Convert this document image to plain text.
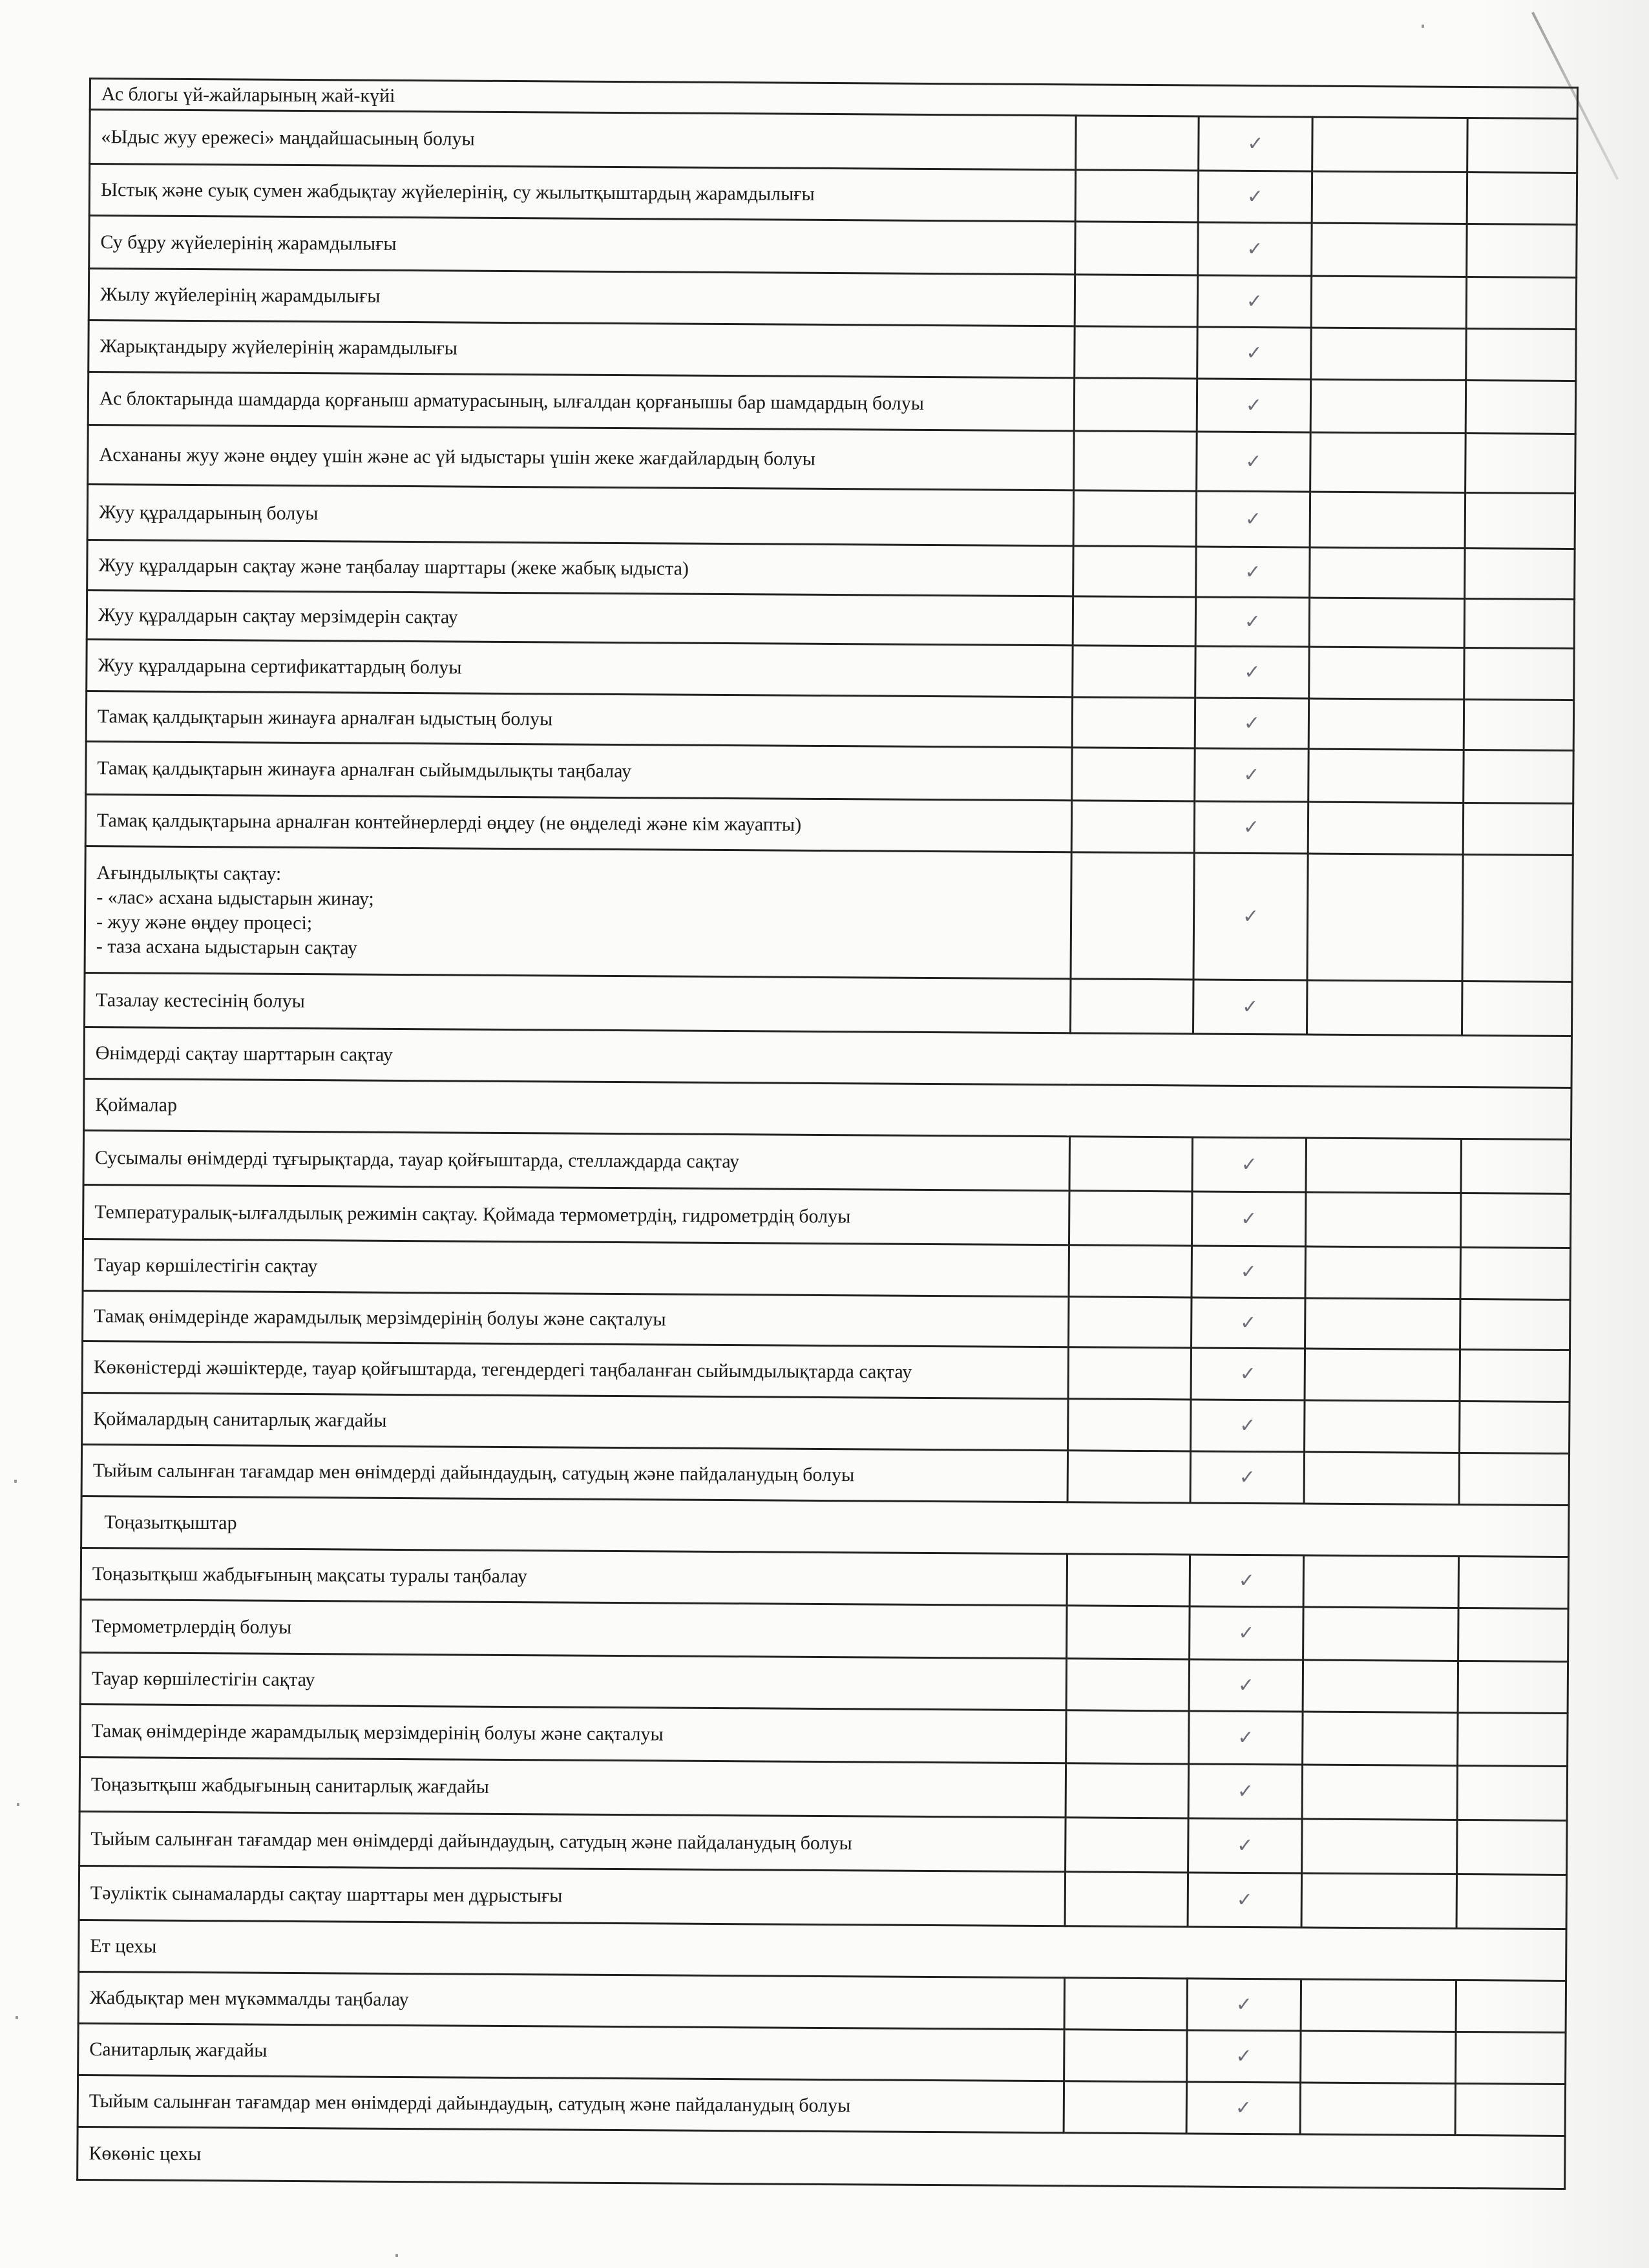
Ас блогы үй-жайларының жай-күйі				
«Ыдыс жуу ережесі» маңдайшасының болуы		✓		
Ыстық және суық сумен жабдықтау жүйелерінің, су жылытқыштардың жарамдылығы		✓		
Су бұру жүйелерінің жарамдылығы		✓		
Жылу жүйелерінің жарамдылығы		✓		
Жарықтандыру жүйелерінің жарамдылығы		✓		
Ас блоктарында шамдарда қорғаныш арматурасының, ылғалдан қорғанышы бар шамдардың болуы		✓		
Асхананы жуу және өңдеу үшін және ас үй ыдыстары үшін жеке жағдайлардың болуы		✓		
Жуу құралдарының болуы		✓		
Жуу құралдарын сақтау және таңбалау шарттары (жеке жабық ыдыста)		✓		
Жуу құралдарын сақтау мерзімдерін сақтау		✓		
Жуу құралдарына сертификаттардың болуы		✓		
Тамақ қалдықтарын жинауға арналған ыдыстың болуы		✓		
Тамақ қалдықтарын жинауға арналған сыйымдылықты таңбалау		✓		
Тамақ қалдықтарына арналған контейнерлерді өңдеу (не өңделеді және кім жауапты)		✓		
Ағындылықты сақтау:
- «лас» асхана ыдыстарын жинау;
- жуу және өңдеу процесі;
- таза асхана ыдыстарын сақтау		✓		
Тазалау кестесінің болуы		✓		
Өнімдерді сақтау шарттарын сақтау				
Қоймалар				
Сусымалы өнімдерді тұғырықтарда, тауар қойғыштарда, стеллаждарда сақтау		✓		
Температуралық-ылғалдылық режимін сақтау. Қоймада термометрдің, гидрометрдің болуы		✓		
Тауар көршілестігін сақтау		✓		
Тамақ өнімдерінде жарамдылық мерзімдерінің болуы және сақталуы		✓		
Көкөністерді жәшіктерде, тауар қойғыштарда, тегендердегі таңбаланған сыйымдылықтарда сақтау		✓		
Қоймалардың санитарлық жағдайы		✓		
Тыйым салынған тағамдар мен өнімдерді дайындаудың, сатудың және пайдаланудың болуы		✓		
Тоңазытқыштар				
Тоңазытқыш жабдығының мақсаты туралы таңбалау		✓		
Термометрлердің болуы		✓		
Тауар көршілестігін сақтау		✓		
Тамақ өнімдерінде жарамдылық мерзімдерінің болуы және сақталуы		✓		
Тоңазытқыш жабдығының санитарлық жағдайы		✓		
Тыйым салынған тағамдар мен өнімдерді дайындаудың, сатудың және пайдаланудың болуы		✓		
Тәуліктік сынамаларды сақтау шарттары мен дұрыстығы		✓		
Ет цехы				
Жабдықтар мен мүкәммалды таңбалау		✓		
Санитарлық жағдайы		✓		
Тыйым салынған тағамдар мен өнімдерді дайындаудың, сатудың және пайдаланудың болуы		✓		
Көкөніс цехы				
